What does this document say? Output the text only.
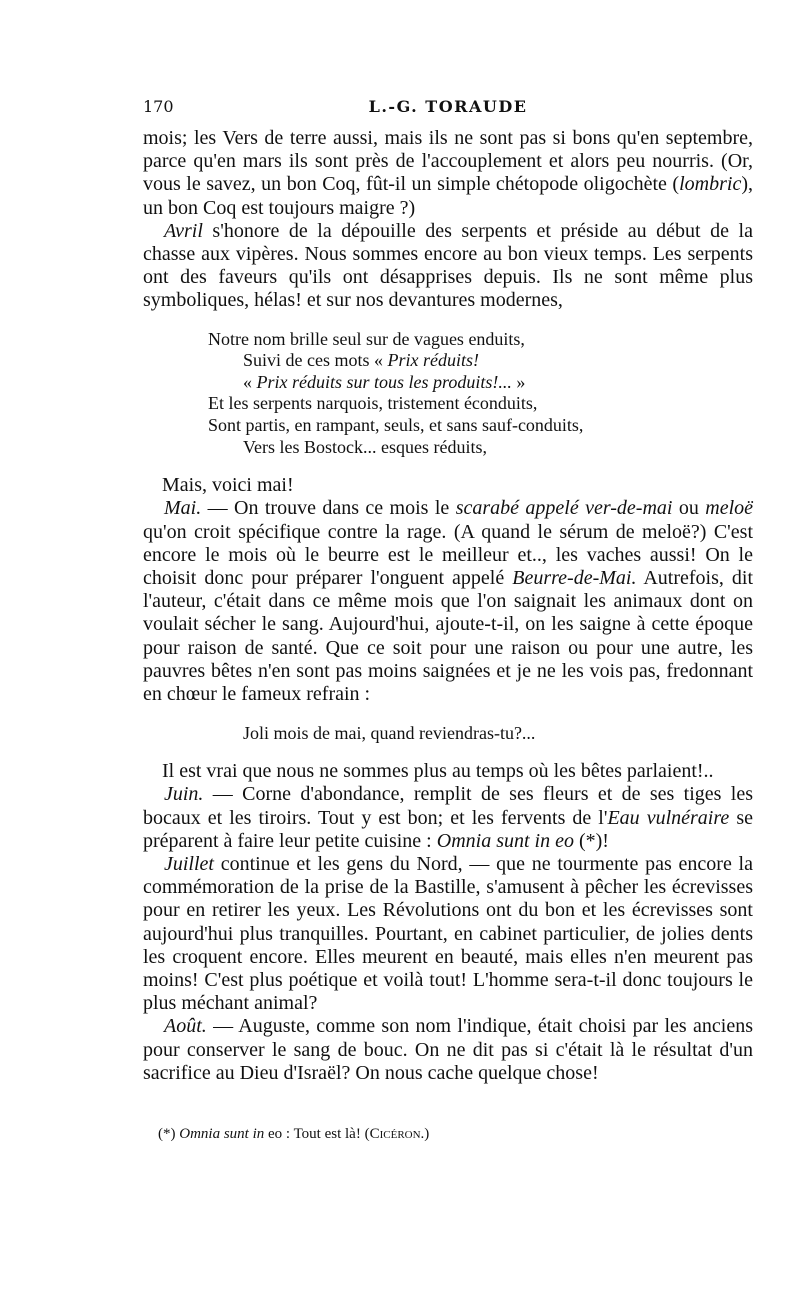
170	L.-G. TORAUDE

mois; les Vers de terre aussi, mais ils ne sont pas si bons qu'en septembre, parce qu'en mars ils sont près de l'accouplement et alors peu nourris. (Or, vous le savez, un bon Coq, fût-il un simple chétopode oligochète (lombric), un bon Coq est toujours maigre ?)

Avril s'honore de la dépouille des serpents et préside au début de la chasse aux vipères. Nous sommes encore au bon vieux temps. Les serpents ont des faveurs qu'ils ont désapprises depuis. Ils ne sont même plus symboliques, hélas! et sur nos devantures modernes,

Notre nom brille seul sur de vagues enduits,
Suivi de ces mots « Prix réduits!
« Prix réduits sur tous les produits!... »
Et les serpents narquois, tristement éconduits,
Sont partis, en rampant, seuls, et sans sauf-conduits,
Vers les Bostock... esques réduits,

Mais, voici mai!

Mai. — On trouve dans ce mois le scarabé appelé ver-de-mai ou meloë qu'on croit spécifique contre la rage. (A quand le sérum de meloë?) C'est encore le mois où le beurre est le meilleur et.., les vaches aussi! On le choisit donc pour préparer l'onguent appelé Beurre-de-Mai. Autrefois, dit l'auteur, c'était dans ce même mois que l'on saignait les animaux dont on voulait sécher le sang. Aujourd'hui, ajoute-t-il, on les saigne à cette époque pour raison de santé. Que ce soit pour une raison ou pour une autre, les pauvres bêtes n'en sont pas moins saignées et je ne les vois pas, fredonnant en chœur le fameux refrain :

Joli mois de mai, quand reviendras-tu?...

Il est vrai que nous ne sommes plus au temps où les bêtes parlaient!..

Juin. — Corne d'abondance, remplit de ses fleurs et de ses tiges les bocaux et les tiroirs. Tout y est bon; et les fervents de l'Eau vulnéraire se préparent à faire leur petite cuisine : Omnia sunt in eo (*)!

Juillet continue et les gens du Nord, — que ne tourmente pas encore la commémoration de la prise de la Bastille, s'amusent à pêcher les écrevisses pour en retirer les yeux. Les Révolutions ont du bon et les écrevisses sont aujourd'hui plus tranquilles. Pourtant, en cabinet particulier, de jolies dents les croquent encore. Elles meurent en beauté, mais elles n'en meurent pas moins! C'est plus poétique et voilà tout! L'homme sera-t-il donc toujours le plus méchant animal?

Août. — Auguste, comme son nom l'indique, était choisi par les anciens pour conserver le sang de bouc. On ne dit pas si c'était là le résultat d'un sacrifice au Dieu d'Israël? On nous cache quelque chose!

(*) Omnia sunt in eo : Tout est là! (Cicéron.)
